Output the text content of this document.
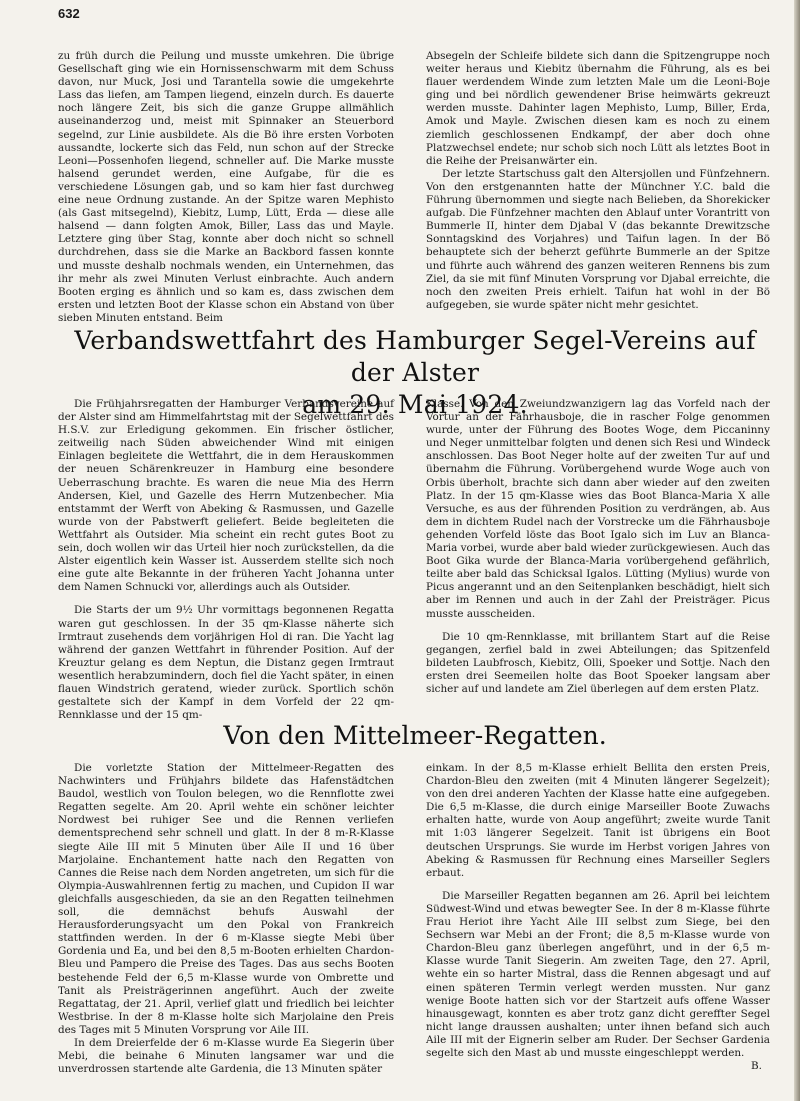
632

zu früh durch die Peilung und musste umkehren. Die übrige Gesellschaft ging wie ein Hornissenschwarm mit dem Schuss davon, nur Muck, Josi und Tarantella sowie die umgekehrte Lass das liefen, am Tampen liegend, einzeln durch. Es dauerte noch längere Zeit, bis sich die ganze Gruppe allmählich auseinanderzog und, meist mit Spinnaker an Steuerbord segelnd, zur Linie ausbildete. Als die Bö ihre ersten Vorboten aussandte, lockerte sich das Feld, nun schon auf der Strecke Leoni—Possenhofen liegend, schneller auf. Die Marke musste halsend gerundet werden, eine Aufgabe, für die es verschiedene Lösungen gab, und so kam hier fast durchweg eine neue Ordnung zustande. An der Spitze waren Mephisto (als Gast mitsegelnd), Kiebitz, Lump, Lütt, Erda — diese alle halsend — dann folgten Amok, Biller, Lass das und Mayle. Letztere ging über Stag, konnte aber doch nicht so schnell durchdrehen, dass sie die Marke an Backbord fassen konnte und musste deshalb nochmals wenden, ein Unternehmen, das ihr mehr als zwei Minuten Verlust einbrachte. Auch andern Booten erging es ähnlich und so kam es, dass zwischen dem ersten und letzten Boot der Klasse schon ein Abstand von über sieben Minuten entstand. Beim

Absegeln der Schleife bildete sich dann die Spitzengruppe noch weiter heraus und Kiebitz übernahm die Führung, als es bei flauer werdendem Winde zum letzten Male um die Leoni-Boje ging und bei nördlich gewendener Brise heimwärts gekreuzt werden musste. Dahinter lagen Mephisto, Lump, Biller, Erda, Amok und Mayle. Zwischen diesen kam es noch zu einem ziemlich geschlossenen Endkampf, der aber doch ohne Platzwechsel endete; nur schob sich noch Lütt als letztes Boot in die Reihe der Preisanwärter ein.

Der letzte Startschuss galt den Altersjollen und Fünfzehnern. Von den erstgenannten hatte der Münchner Y.C. bald die Führung übernommen und siegte nach Belieben, da Shorekicker aufgab. Die Fünfzehner machten den Ablauf unter Vorantritt von Bummerle II, hinter dem Djabal V (das bekannte Drewitzsche Sonntagskind des Vorjahres) und Taifun lagen. In der Bö behauptete sich der beherzt geführte Bummerle an der Spitze und führte auch während des ganzen weiteren Rennens bis zum Ziel, da sie mit fünf Minuten Vorsprung vor Djabal erreichte, die noch den zweiten Preis erhielt. Taifun hat wohl in der Bö aufgegeben, sie wurde später nicht mehr gesichtet.

Verbandswettfahrt des Hamburger Segel-Vereins auf der Alster
am 29. Mai 1924.

Die Frühjahrsregatten der Hamburger Verbandsvereine auf der Alster sind am Himmelfahrtstag mit der Segelwettfahrt des H.S.V. zur Erledigung gekommen. Ein frischer östlicher, zeitweilig nach Süden abweichender Wind mit einigen Einlagen begleitete die Wettfahrt, die in dem Herauskommen der neuen Schärenkreuzer in Hamburg eine besondere Ueberraschung brachte. Es waren die neue Mia des Herrn Andersen, Kiel, und Gazelle des Herrn Mutzenbecher. Mia entstammt der Werft von Abeking & Rasmussen, und Gazelle wurde von der Pabstwerft geliefert. Beide begleiteten die Wettfahrt als Outsider. Mia scheint ein recht gutes Boot zu sein, doch wollen wir das Urteil hier noch zurückstellen, da die Alster eigentlich kein Wasser ist. Ausserdem stellte sich noch eine gute alte Bekannte in der früheren Yacht Johanna unter dem Namen Schnucki vor, allerdings auch als Outsider.

Die Starts der um 9½ Uhr vormittags begonnenen Regatta waren gut geschlossen. In der 35 qm-Klasse näherte sich Irmtraut zusehends dem vorjährigen Hol di ran. Die Yacht lag während der ganzen Wettfahrt in führender Position. Auf der Kreuztur gelang es dem Neptun, die Distanz gegen Irmtraut wesentlich herabzumindern, doch fiel die Yacht später, in einen flauen Windstrich geratend, wieder zurück. Sportlich schön gestaltete sich der Kampf in dem Vorfeld der 22 qm-Rennklasse und der 15 qm-

Klasse. Von den Zweiundzwanzigern lag das Vorfeld nach der Vortur an der Fährhausboje, die in rascher Folge genommen wurde, unter der Führung des Bootes Woge, dem Piccaninny und Neger unmittelbar folgten und denen sich Resi und Windeck anschlossen. Das Boot Neger holte auf der zweiten Tur auf und übernahm die Führung. Vorübergehend wurde Woge auch von Orbis überholt, brachte sich dann aber wieder auf den zweiten Platz. In der 15 qm-Klasse wies das Boot Blanca-Maria X alle Versuche, es aus der führenden Position zu verdrängen, ab. Aus dem in dichtem Rudel nach der Vorstrecke um die Fährhausboje gehenden Vorfeld löste das Boot Igalo sich im Luv an Blanca-Maria vorbei, wurde aber bald wieder zurückgewiesen. Auch das Boot Gika wurde der Blanca-Maria vorübergehend gefährlich, teilte aber bald das Schicksal Igalos. Lütting (Mylius) wurde von Picus angerannt und an den Seitenplanken beschädigt, hielt sich aber im Rennen und auch in der Zahl der Preisträger. Picus musste ausscheiden.

Die 10 qm-Rennklasse, mit brillantem Start auf die Reise gegangen, zerfiel bald in zwei Abteilungen; das Spitzenfeld bildeten Laubfrosch, Kiebitz, Olli, Spoeker und Sottje. Nach den ersten drei Seemeilen holte das Boot Spoeker langsam aber sicher auf und landete am Ziel überlegen auf dem ersten Platz.

Von den Mittelmeer-Regatten.

Die vorletzte Station der Mittelmeer-Regatten des Nachwinters und Frühjahrs bildete das Hafenstädtchen Baudol, westlich von Toulon belegen, wo die Rennflotte zwei Regatten segelte. Am 20. April wehte ein schöner leichter Nordwest bei ruhiger See und die Rennen verliefen dementsprechend sehr schnell und glatt. In der 8 m-R-Klasse siegte Aile III mit 5 Minuten über Aile II und 16 über Marjolaine. Enchantement hatte nach den Regatten von Cannes die Reise nach dem Norden angetreten, um sich für die Olympia-Auswahlrennen fertig zu machen, und Cupidon II war gleichfalls ausgeschieden, da sie an den Regatten teilnehmen soll, die demnächst behufs Auswahl der Herausforderungsyacht um den Pokal von Frankreich stattfinden werden. In der 6 m-Klasse siegte Mebi über Gordenia und Ea, und bei den 8,5 m-Booten erhielten Chardon-Bleu und Pampero die Preise des Tages. Das aus sechs Booten bestehende Feld der 6,5 m-Klasse wurde von Ombrette und Tanit als Preisträgerinnen angeführt. Auch der zweite Regattatag, der 21. April, verlief glatt und friedlich bei leichter Westbrise. In der 8 m-Klasse holte sich Marjolaine den Preis des Tages mit 5 Minuten Vorsprung vor Aile III.

In dem Dreierfelde der 6 m-Klasse wurde Ea Siegerin über Mebi, die beinahe 6 Minuten langsamer war und die unverdrossen startende alte Gardenia, die 13 Minuten später

einkam. In der 8,5 m-Klasse erhielt Bellita den ersten Preis, Chardon-Bleu den zweiten (mit 4 Minuten längerer Segelzeit); von den drei anderen Yachten der Klasse hatte eine aufgegeben. Die 6,5 m-Klasse, die durch einige Marseiller Boote Zuwachs erhalten hatte, wurde von Aoup angeführt; zweite wurde Tanit mit 1:03 längerer Segelzeit. Tanit ist übrigens ein Boot deutschen Ursprungs. Sie wurde im Herbst vorigen Jahres von Abeking & Rasmussen für Rechnung eines Marseiller Seglers erbaut.

Die Marseiller Regatten begannen am 26. April bei leichtem Südwest-Wind und etwas bewegter See. In der 8 m-Klasse führte Frau Heriot ihre Yacht Aile III selbst zum Siege, bei den Sechsern war Mebi an der Front; die 8,5 m-Klasse wurde von Chardon-Bleu ganz überlegen angeführt, und in der 6,5 m-Klasse wurde Tanit Siegerin. Am zweiten Tage, den 27. April, wehte ein so harter Mistral, dass die Rennen abgesagt und auf einen späteren Termin verlegt werden mussten. Nur ganz wenige Boote hatten sich vor der Startzeit aufs offene Wasser hinausgewagt, konnten es aber trotz ganz dicht gereffter Segel nicht lange draussen aushalten; unter ihnen befand sich auch Aile III mit der Eignerin selber am Ruder. Der Sechser Gardenia segelte sich den Mast ab und musste eingeschleppt werden.

B.
